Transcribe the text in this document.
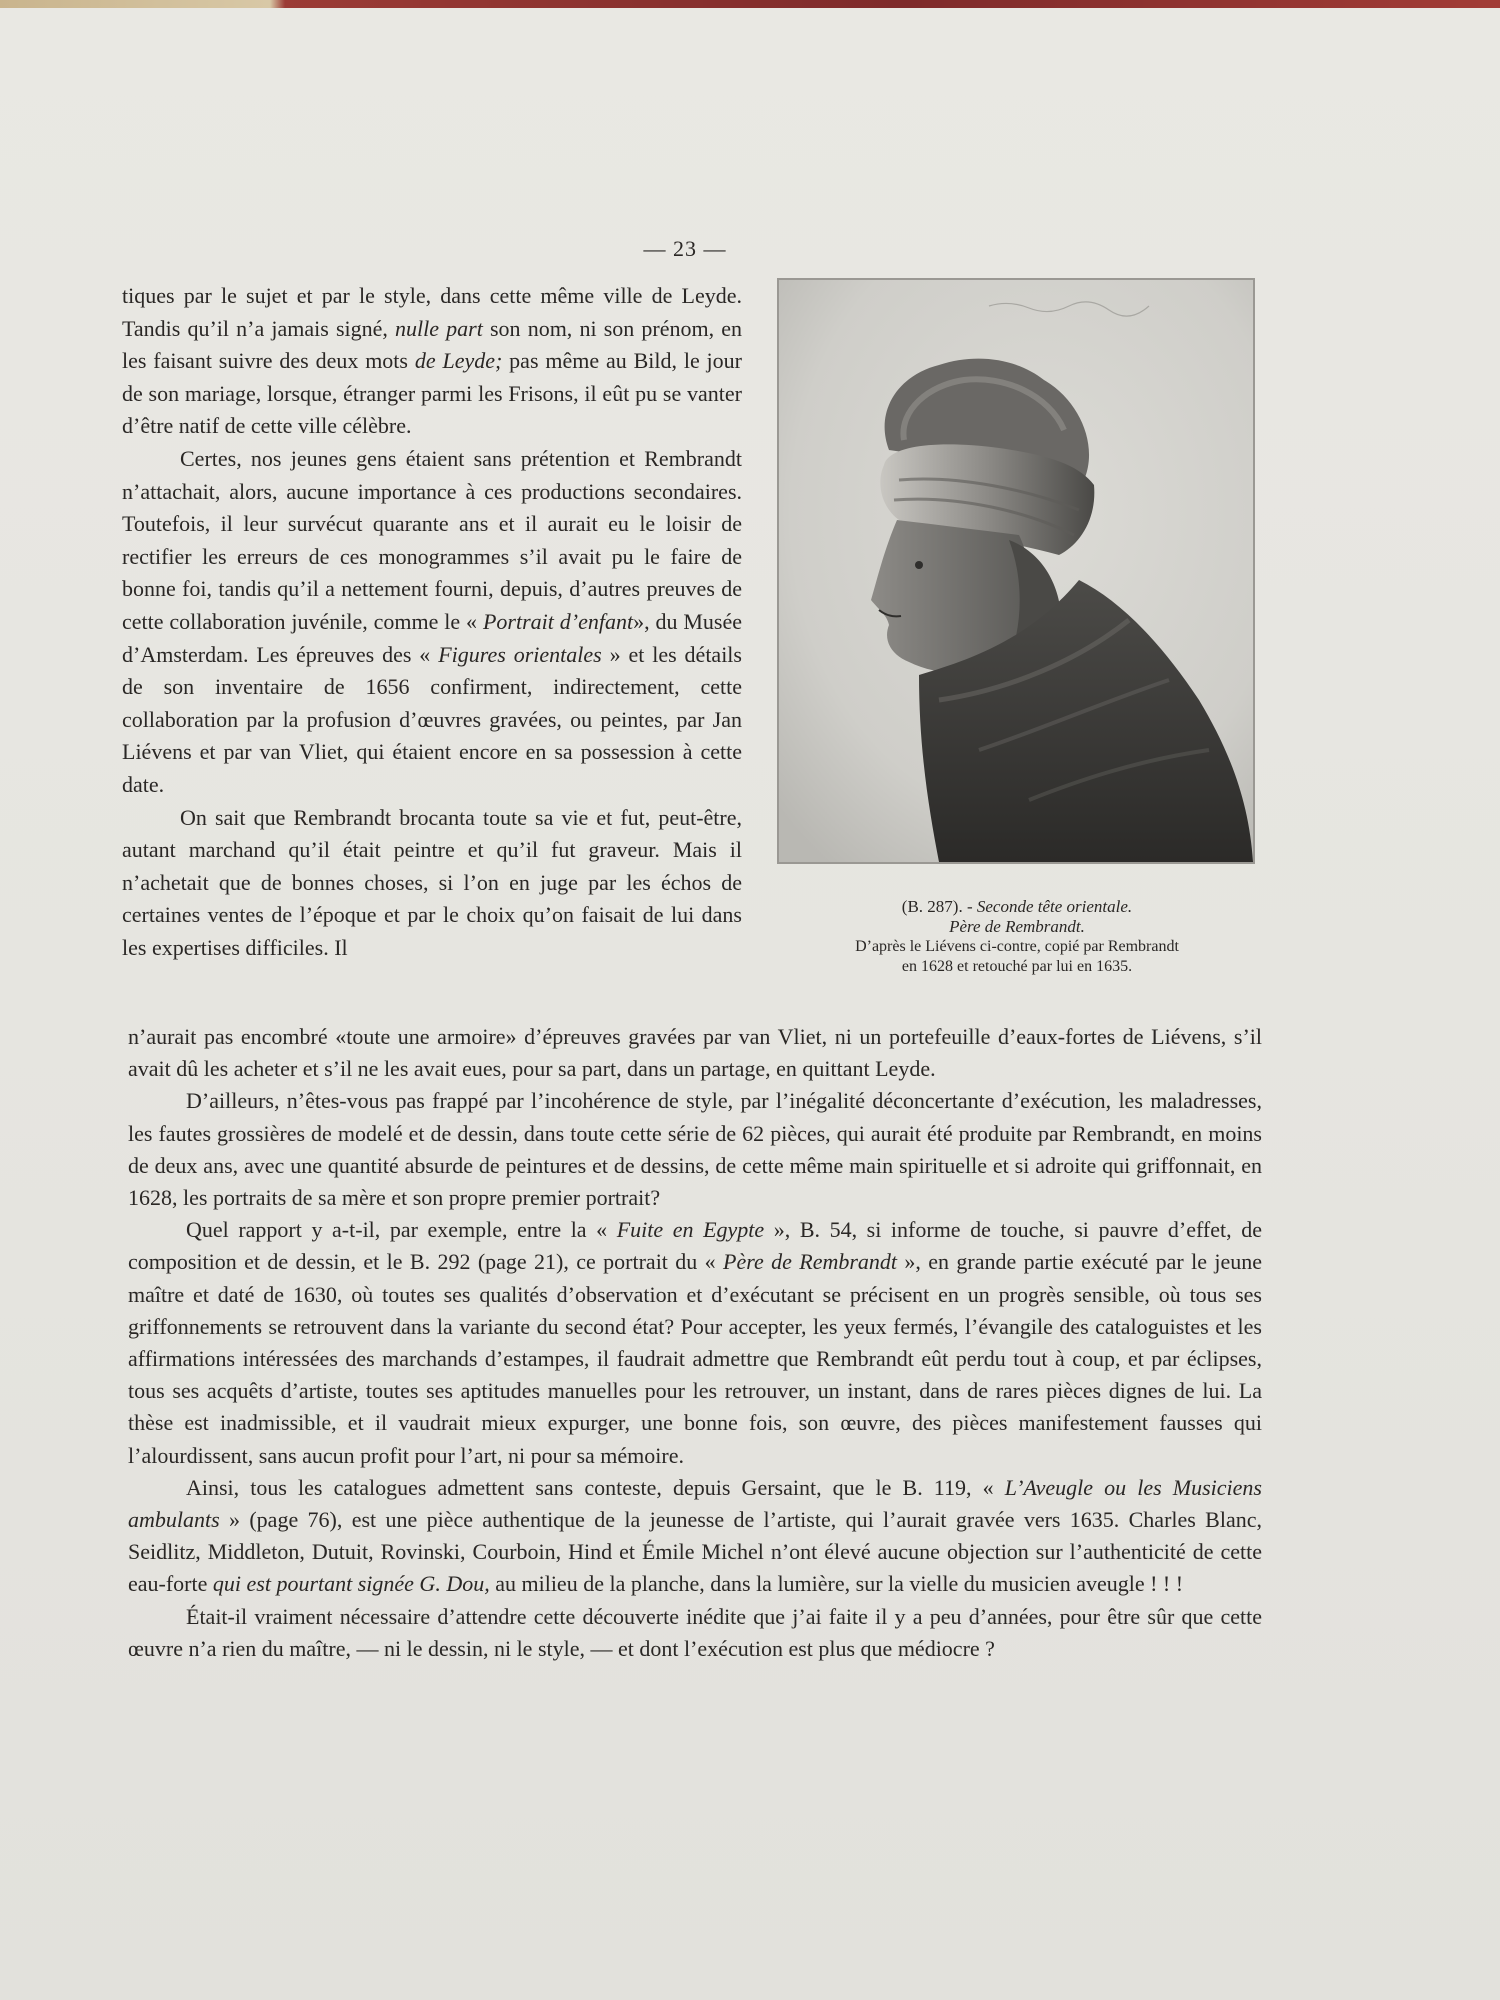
— 23 —

tiques par le sujet et par le style, dans cette même ville de Leyde. Tandis qu’il n’a jamais signé, nulle part son nom, ni son prénom, en les faisant suivre des deux mots de Leyde; pas même au Bild, le jour de son mariage, lorsque, étranger parmi les Frisons, il eût pu se vanter d’être natif de cette ville célèbre.

Certes, nos jeunes gens étaient sans prétention et Rembrandt n’attachait, alors, aucune importance à ces productions secondaires. Toutefois, il leur survécut quarante ans et il aurait eu le loisir de rectifier les erreurs de ces monogrammes s’il avait pu le faire de bonne foi, tandis qu’il a nettement fourni, depuis, d’autres preuves de cette collaboration juvénile, comme le « Portrait d’enfant», du Musée d’Amsterdam. Les épreuves des « Figures orientales » et les détails de son inventaire de 1656 confirment, indirectement, cette collaboration par la profusion d’œuvres gravées, ou peintes, par Jan Liévens et par van Vliet, qui étaient encore en sa possession à cette date.

On sait que Rembrandt brocanta toute sa vie et fut, peut-être, autant marchand qu’il était peintre et qu’il fut graveur. Mais il n’achetait que de bonnes choses, si l’on en juge par les échos de certaines ventes de l’époque et par le choix qu’on faisait de lui dans les expertises difficiles. Il

(B. 287). - Seconde tête orientale.
Père de Rembrandt.
D’après le Liévens ci-contre, copié par Rembrandt
en 1628 et retouché par lui en 1635.

n’aurait pas encombré «toute une armoire» d’épreuves gravées par van Vliet, ni un portefeuille d’eaux-fortes de Liévens, s’il avait dû les acheter et s’il ne les avait eues, pour sa part, dans un partage, en quittant Leyde.

D’ailleurs, n’êtes-vous pas frappé par l’incohérence de style, par l’inégalité déconcertante d’exécution, les maladresses, les fautes grossières de modelé et de dessin, dans toute cette série de 62 pièces, qui aurait été produite par Rembrandt, en moins de deux ans, avec une quantité absurde de peintures et de dessins, de cette même main spirituelle et si adroite qui griffonnait, en 1628, les portraits de sa mère et son propre premier portrait?

Quel rapport y a-t-il, par exemple, entre la « Fuite en Egypte », B. 54, si informe de touche, si pauvre d’effet, de composition et de dessin, et le B. 292 (page 21), ce portrait du « Père de Rembrandt », en grande partie exécuté par le jeune maître et daté de 1630, où toutes ses qualités d’observation et d’exécutant se précisent en un progrès sensible, où tous ses griffonnements se retrouvent dans la variante du second état? Pour accepter, les yeux fermés, l’évangile des cataloguistes et les affirmations intéressées des marchands d’estampes, il faudrait admettre que Rembrandt eût perdu tout à coup, et par éclipses, tous ses acquêts d’artiste, toutes ses aptitudes manuelles pour les retrouver, un instant, dans de rares pièces dignes de lui. La thèse est inadmissible, et il vaudrait mieux expurger, une bonne fois, son œuvre, des pièces manifestement fausses qui l’alourdissent, sans aucun profit pour l’art, ni pour sa mémoire.

Ainsi, tous les catalogues admettent sans conteste, depuis Gersaint, que le B. 119, « L’Aveugle ou les Musiciens ambulants » (page 76), est une pièce authentique de la jeunesse de l’artiste, qui l’aurait gravée vers 1635. Charles Blanc, Seidlitz, Middleton, Dutuit, Rovinski, Courboin, Hind et Émile Michel n’ont élevé aucune objection sur l’authenticité de cette eau-forte qui est pourtant signée G. Dou, au milieu de la planche, dans la lumière, sur la vielle du musicien aveugle ! ! !

Était-il vraiment nécessaire d’attendre cette découverte inédite que j’ai faite il y a peu d’années, pour être sûr que cette œuvre n’a rien du maître, — ni le dessin, ni le style, — et dont l’exécution est plus que médiocre ?
